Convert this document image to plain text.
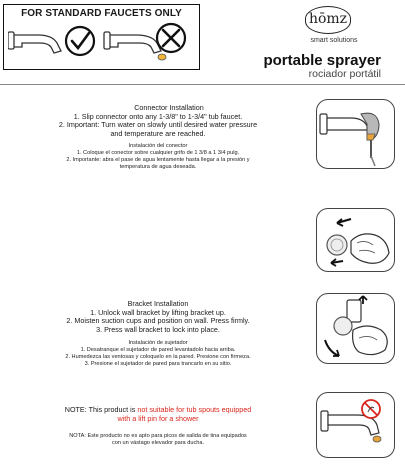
FOR STANDARD FAUCETS ONLY	hōmz
smart solutions
portable sprayer
rociador portátil
Connector Installation
1. Slip connector onto any 1-3/8" to 1-3/4" tub faucet.
2. Important: Turn water on slowly until desired water pressure
and temperature are reached.
Instalación del conector
1. Coloque el conector sobre cualquier grifo de 1 3/8 a 1 3/4 pulg.
2. Importante: abra el pase de agua lentamente hasta llegar a la presión y
temperatura de agua deseada.
Bracket Installation
1. Unlock wall bracket by lifting bracket up.
2. Moisten suction cups and position on wall. Press firmly.
3. Press wall bracket to lock into place.
Instalación de sujetador
1. Desatranque el sujetador de pared levantadolo hacia arriba.
2. Humedezca las ventosas y coloquelo en la pared. Presione con firmeza.
3. Presione el sujetador de pared para trancarlo en su sitio.
NOTE: This product is not suitable for tub spouts equipped
with a lift pin for a shower
NOTA: Este producto no es apto para picos de salida de tina equipados
con un vástago elevador para ducha.
